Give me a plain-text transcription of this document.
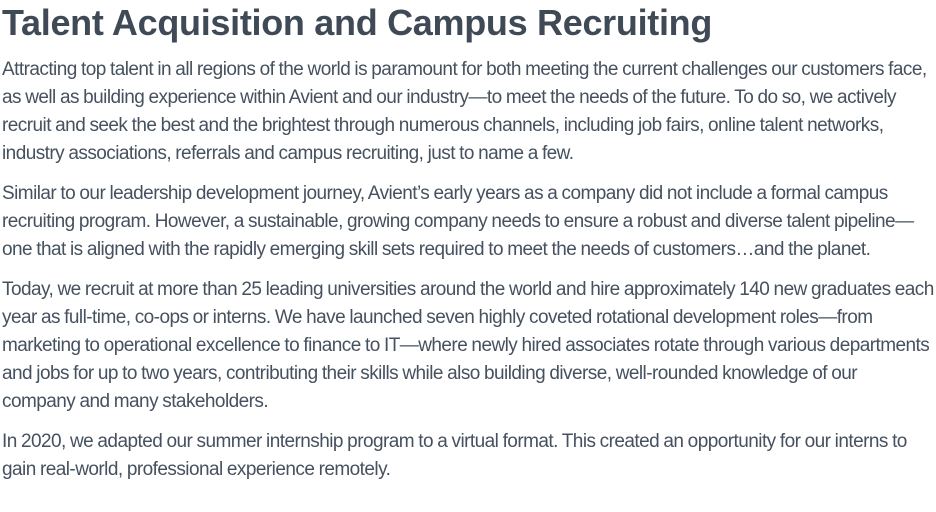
Talent Acquisition and Campus Recruiting

Attracting top talent in all regions of the world is paramount for both meeting the current challenges our customers face, as well as building experience within Avient and our industry—to meet the needs of the future. To do so, we actively recruit and seek the best and the brightest through numerous channels, including job fairs, online talent networks, industry associations, referrals and campus recruiting, just to name a few.

Similar to our leadership development journey, Avient’s early years as a company did not include a formal campus recruiting program. However, a sustainable, growing company needs to ensure a robust and diverse talent pipeline—one that is aligned with the rapidly emerging skill sets required to meet the needs of customers…and the planet.

Today, we recruit at more than 25 leading universities around the world and hire approximately 140 new graduates each year as full-time, co-ops or interns. We have launched seven highly coveted rotational development roles—from marketing to operational excellence to finance to IT—where newly hired associates rotate through various departments and jobs for up to two years, contributing their skills while also building diverse, well-rounded knowledge of our company and many stakeholders.

In 2020, we adapted our summer internship program to a virtual format. This created an opportunity for our interns to gain real-world, professional experience remotely.
